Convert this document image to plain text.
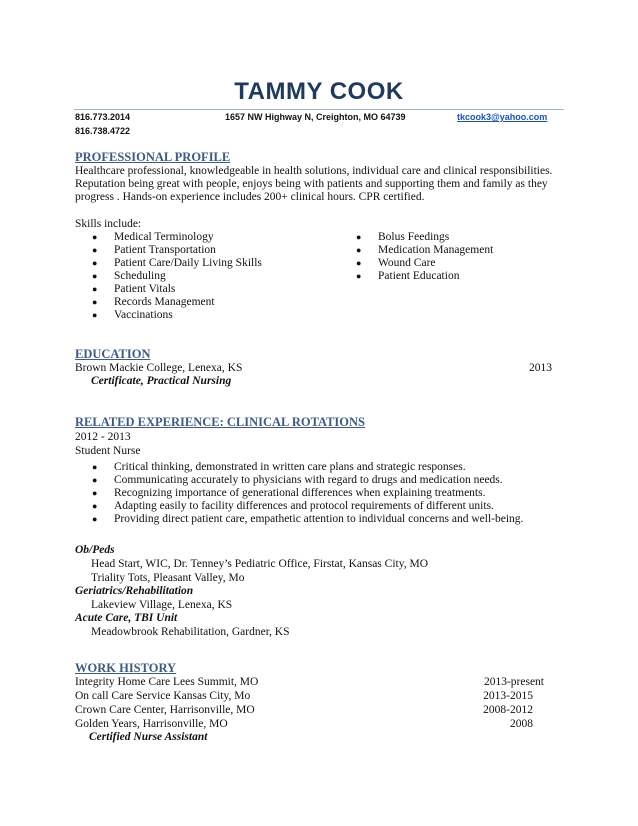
TAMMY COOK
816.773.2014
816.738.4722
1657 NW Highway N, Creighton, MO 64739	tkcook3@yahoo.com
PROFESSIONAL PROFILE
Healthcare professional, knowledgeable in health solutions, individual care and clinical responsibilities. Reputation being great with people, enjoys being with patients and supporting them and family as they progress . Hands-on experience includes 200+ clinical hours. CPR certified.
Skills include:
● Medical Terminology
● Patient Transportation
● Patient Care/Daily Living Skills
● Scheduling
● Patient Vitals
● Records Management
● Vaccinations
● Bolus Feedings
● Medication Management
● Wound Care
● Patient Education
EDUCATION
Brown Mackie College, Lenexa, KS	2013
Certificate, Practical Nursing
RELATED EXPERIENCE: CLINICAL ROTATIONS
2012 - 2013
Student Nurse
● Critical thinking, demonstrated in written care plans and strategic responses.
● Communicating accurately to physicians with regard to drugs and medication needs.
● Recognizing importance of generational differences when explaining treatments.
● Adapting easily to facility differences and protocol requirements of different units.
● Providing direct patient care, empathetic attention to individual concerns and well-being.
Ob/Peds
Head Start, WIC, Dr. Tenney’s Pediatric Office, Firstat, Kansas City, MO
Triality Tots, Pleasant Valley, Mo
Geriatrics/Rehabilitation
Lakeview Village, Lenexa, KS
Acute Care, TBI Unit
Meadowbrook Rehabilitation, Gardner, KS
WORK HISTORY
Integrity Home Care Lees Summit, MO	2013-present
On call Care Service Kansas City, Mo	2013-2015
Crown Care Center, Harrisonville, MO	2008-2012
Golden Years, Harrisonville, MO	2008
Certified Nurse Assistant
